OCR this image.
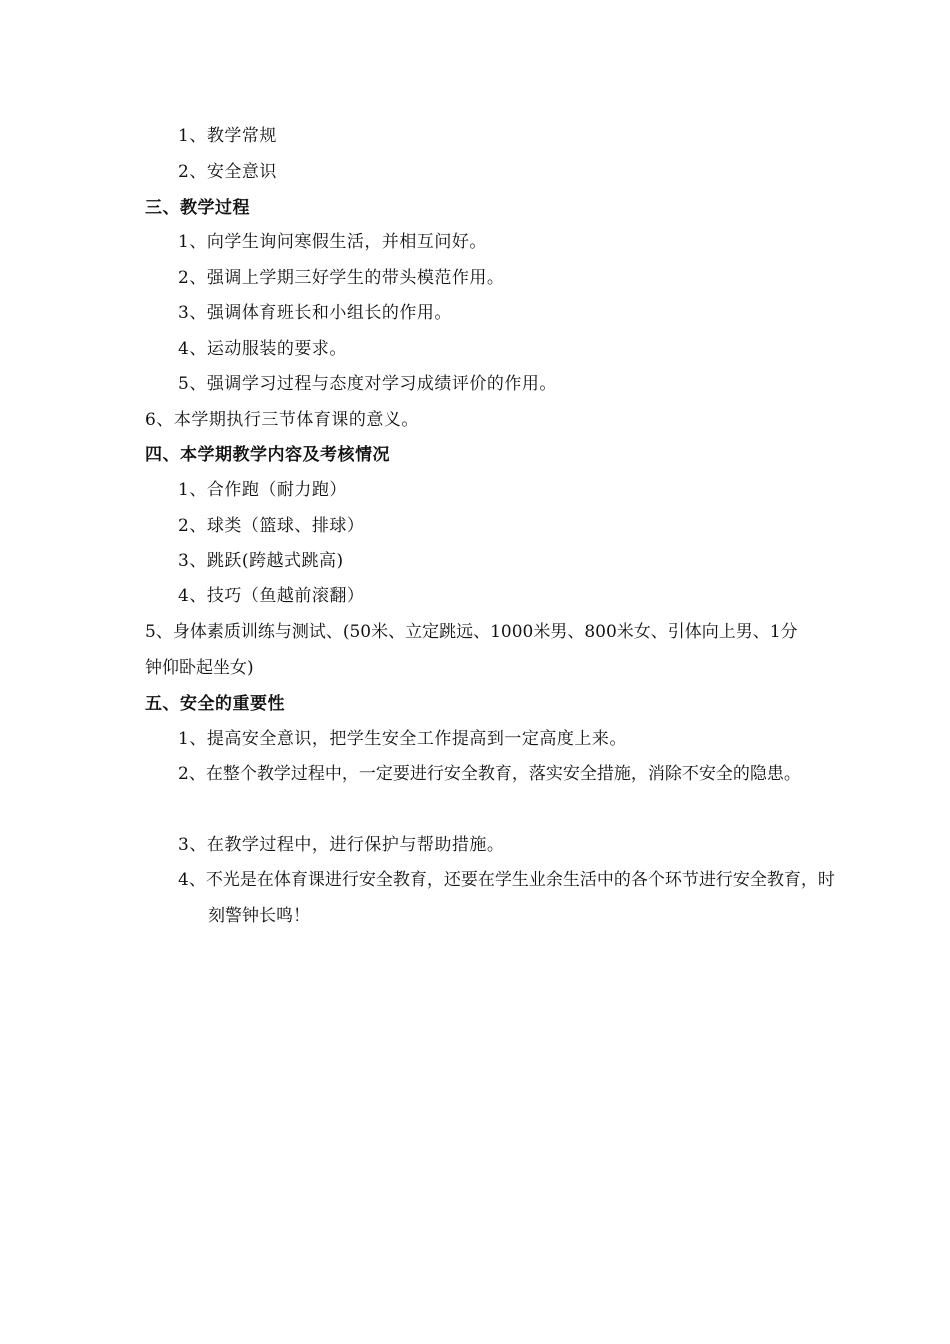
1、教学常规
2、安全意识
三、教学过程
1、向学生询问寒假生活，并相互问好。
2、强调上学期三好学生的带头模范作用。
3、强调体育班长和小组长的作用。
4、运动服装的要求。
5、强调学习过程与态度对学习成绩评价的作用。
6、本学期执行三节体育课的意义。
四、本学期教学内容及考核情况
1、合作跑（耐力跑）
2、球类（篮球、排球）
3、跳跃(跨越式跳高)
4、技巧（鱼越前滚翻）
5、身体素质训练与测试、(50米、立定跳远、1000米男、800米女、引体向上男、1分钟仰卧起坐女)
五、安全的重要性
1、提高安全意识，把学生安全工作提高到一定高度上来。
2、在整个教学过程中，一定要进行安全教育，落实安全措施，消除不安全的隐患。
3、在教学过程中，进行保护与帮助措施。
4、不光是在体育课进行安全教育，还要在学生业余生活中的各个环节进行安全教育，时刻警钟长鸣！
